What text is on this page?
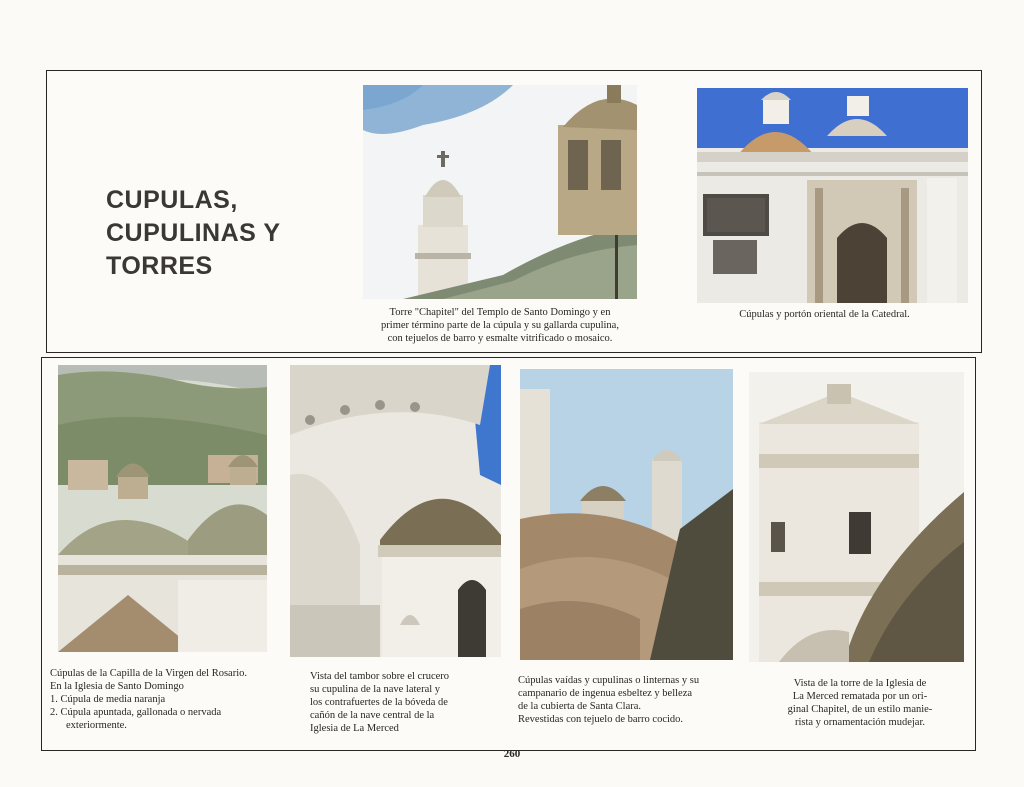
CUPULAS,
CUPULINAS Y
TORRES
Torre "Chapitel" del Templo de Santo Domingo y en
primer término parte de la cúpula y su gallarda cupulina,
con tejuelos de barro y esmalte vitrificado o mosaico.
Cúpulas y portón oriental de la Catedral.
Cúpulas de la Capilla de la Virgen del Rosario.
En la Iglesia de Santo Domingo
1. Cúpula de media naranja
2. Cúpula apuntada, gallonada o nervada
exteriormente.
Vista del tambor sobre el crucero
su cupulina de la nave lateral y
los contrafuertes de la bóveda de
cañón de la nave central de la
Iglesia de La Merced
Cúpulas vaídas y cupulinas o linternas y su
campanario de ingenua esbeltez y belleza
de la cubierta de Santa Clara.
Revestidas con tejuelo de barro cocido.
Vista de la torre de la Iglesia de
La Merced rematada por un ori-
ginal Chapitel, de un estilo manie-
rista y ornamentación mudejar.
260
